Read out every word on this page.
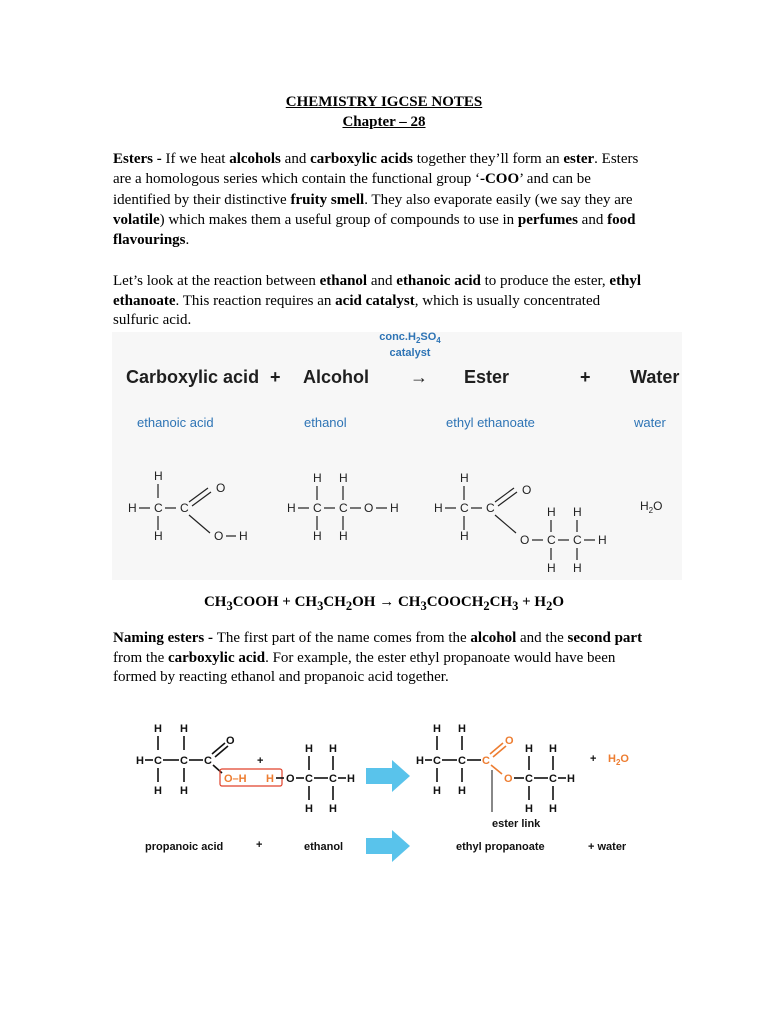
CHEMISTRY IGCSE NOTES
Chapter – 28

Esters - If we heat alcohols and carboxylic acids together they’ll form an ester. Esters are a homologous series which contain the functional group ‘-COO’ and can be identified by their distinctive fruity smell. They also evaporate easily (we say they are volatile) which makes them a useful group of compounds to use in perfumes and food flavourings.

Let’s look at the reaction between ethanol and ethanoic acid to produce the ester, ethyl ethanoate. This reaction requires an acid catalyst, which is usually concentrated sulfuric acid.

$conc.H_2SO_4$
catalyst
Carboxylic acid + Alcohol → Ester	+ Water
ethanoic acid	ethanol	ethyl ethanoate	water
H
H C C
H
O
O H
H H
H C C O H
H H
H
H C C
H
O
O C C H
H H
H H
$H_2O$
$CH_3COOH + CH_3CH_2OH$ → $CH_3COOCH_2CH_3 + H_2O$

Naming esters - The first part of the name comes from the alcohol and the second part from the carboxylic acid. For example, the ester ethyl propanoate would have been formed by reacting ethanol and propanoic acid together.

H H
H C C C
H H
O
O–H H
+
O C C H
H H
H H
H H
H C C
H H
C
O
O C C H
H H
H H
ester link
+ $H_2O$
propanoic acid	+	ethanol	ethyl propanoate	+ water
